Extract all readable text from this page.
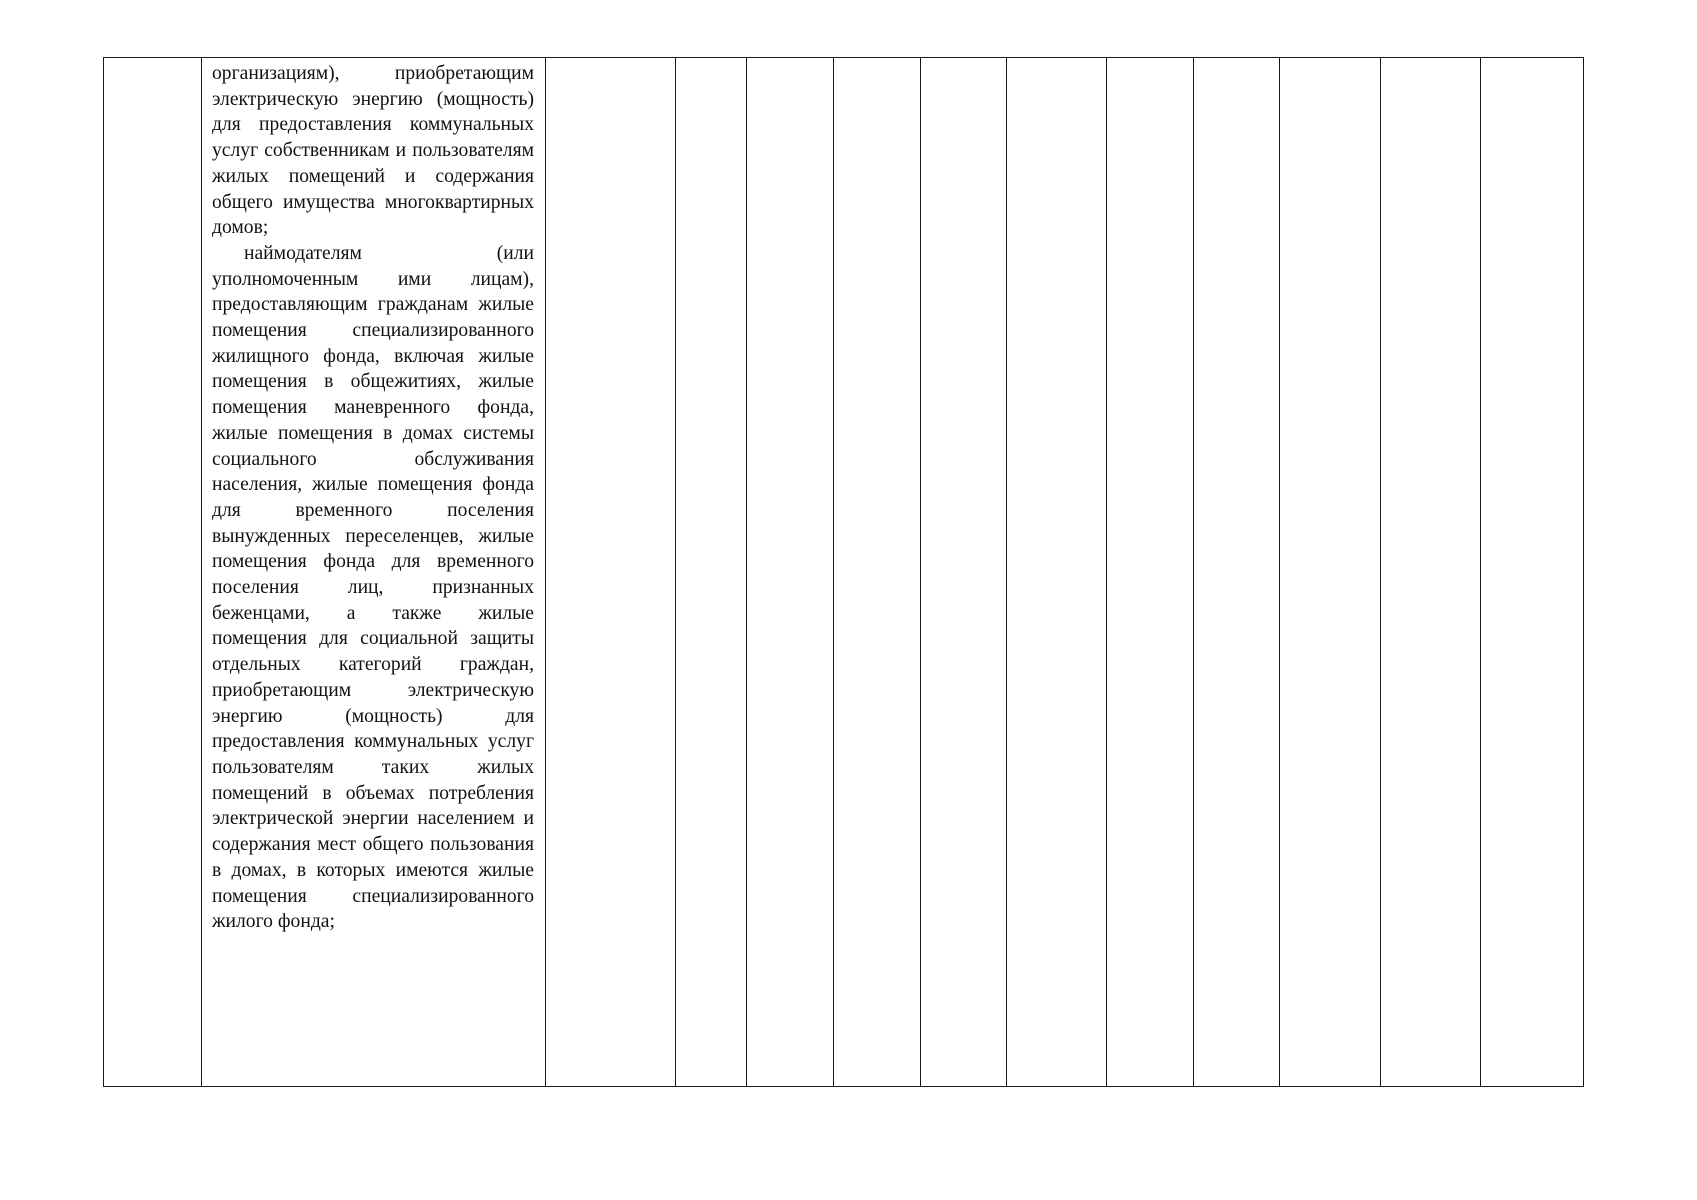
организациям), приобретающим электрическую энергию (мощность) для предоставления коммунальных услуг собственникам и пользователям жилых помещений и содержания общего имущества многоквартирных домов;

наймодателям (или уполномоченным ими лицам), предоставляющим гражданам жилые помещения специализированного жилищного фонда, включая жилые помещения в общежитиях, жилые помещения маневренного фонда, жилые помещения в домах системы социального обслуживания населения, жилые помещения фонда для временного поселения вынужденных переселенцев, жилые помещения фонда для временного поселения лиц, признанных беженцами, а также жилые помещения для социальной защиты отдельных категорий граждан, приобретающим электрическую энергию (мощность) для предоставления коммунальных услуг пользователям таких жилых помещений в объемах потребления электрической энергии населением и содержания мест общего пользования в домах, в которых имеются жилые помещения специализированного жилого фонда;
